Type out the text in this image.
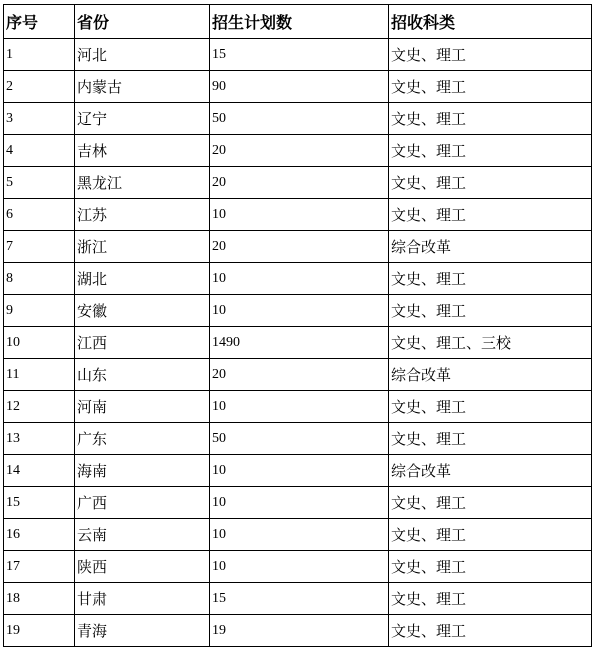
序号	省份	招生计划数	招收科类
1	河北	15	文史、理工
2	内蒙古	90	文史、理工
3	辽宁	50	文史、理工
4	吉林	20	文史、理工
5	黑龙江	20	文史、理工
6	江苏	10	文史、理工
7	浙江	20	综合改革
8	湖北	10	文史、理工
9	安徽	10	文史、理工
10	江西	1490	文史、理工、三校
11	山东	20	综合改革
12	河南	10	文史、理工
13	广东	50	文史、理工
14	海南	10	综合改革
15	广西	10	文史、理工
16	云南	10	文史、理工
17	陕西	10	文史、理工
18	甘肃	15	文史、理工
19	青海	19	文史、理工
